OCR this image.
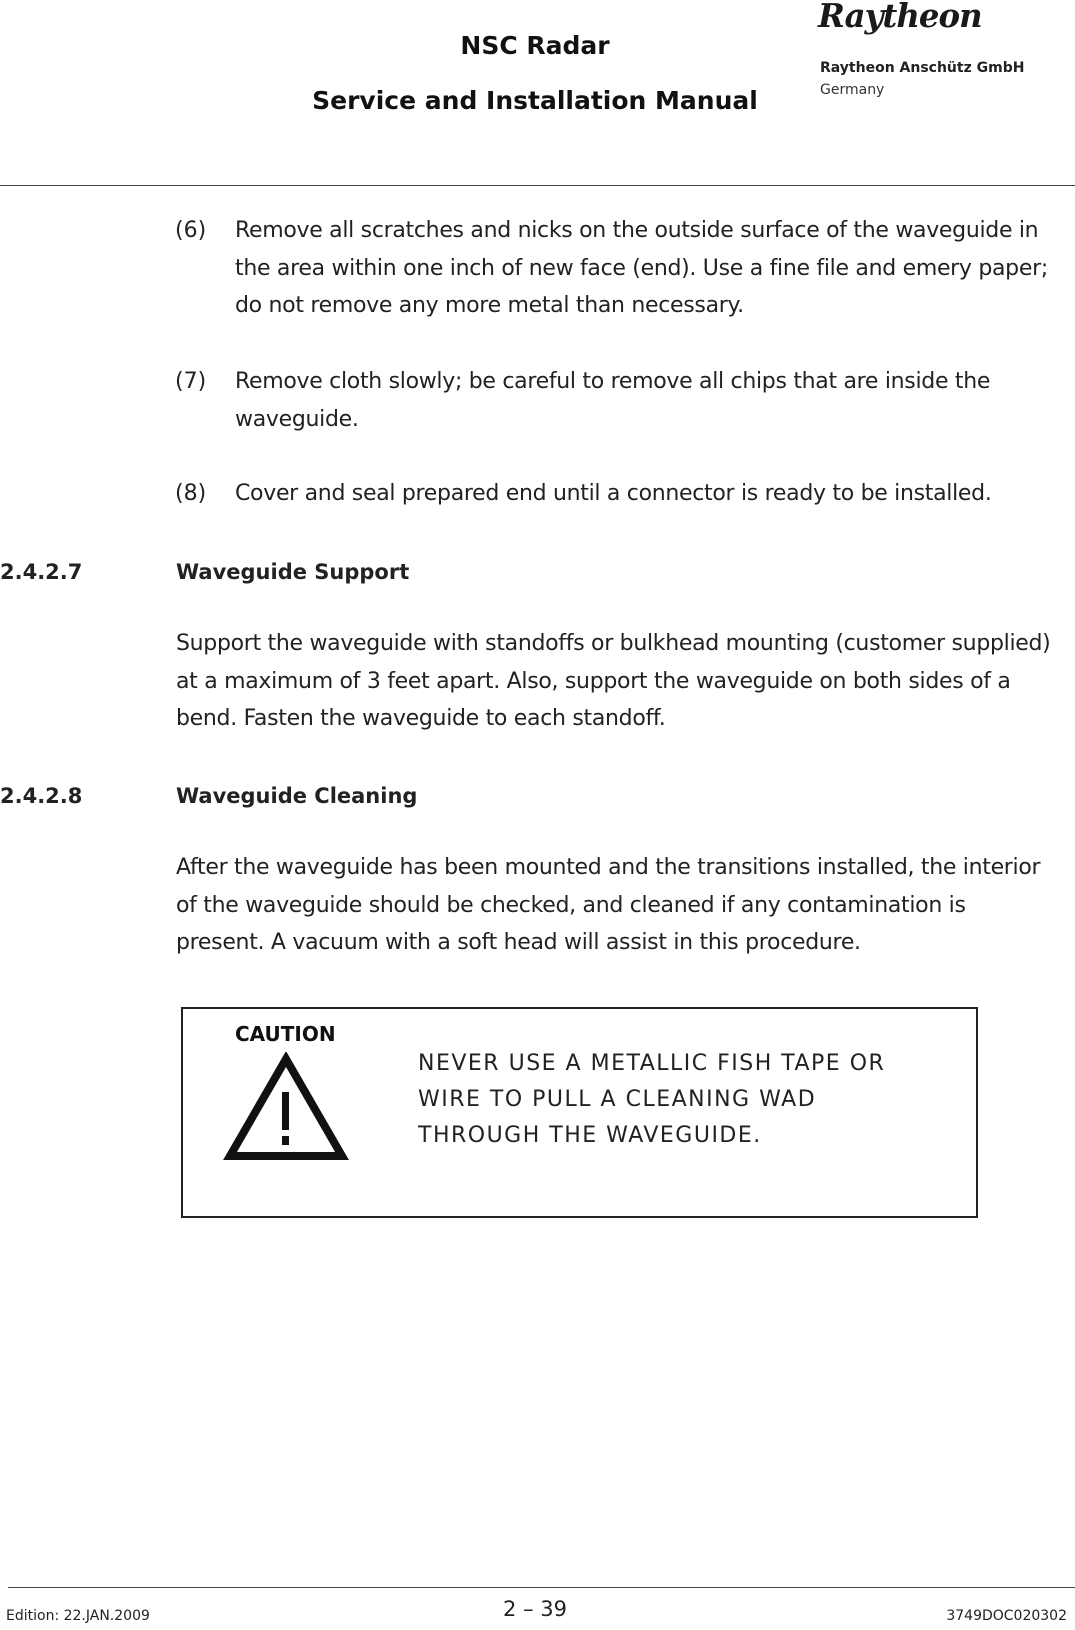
NSC Radar
Service and Installation Manual
Raytheon
Raytheon Anschütz GmbH
Germany
(6) Remove all scratches and nicks on the outside surface of the waveguide in
the area within one inch of new face (end). Use a fine file and emery paper;
do not remove any more metal than necessary.
(7) Remove cloth slowly; be careful to remove all chips that are inside the
waveguide.
(8) Cover and seal prepared end until a connector is ready to be installed.
2.4.2.7	Waveguide Support
Support the waveguide with standoffs or bulkhead mounting (customer supplied)
at a maximum of 3 feet apart. Also, support the waveguide on both sides of a
bend. Fasten the waveguide to each standoff.
2.4.2.8	Waveguide Cleaning
After the waveguide has been mounted and the transitions installed, the interior
of the waveguide should be checked, and cleaned if any contamination is
present. A vacuum with a soft head will assist in this procedure.
CAUTION
NEVER USE A METALLIC FISH TAPE OR
WIRE TO PULL A CLEANING WAD
THROUGH THE WAVEGUIDE.
Edition: 22.JAN.2009	2 – 39	3749DOC020302
